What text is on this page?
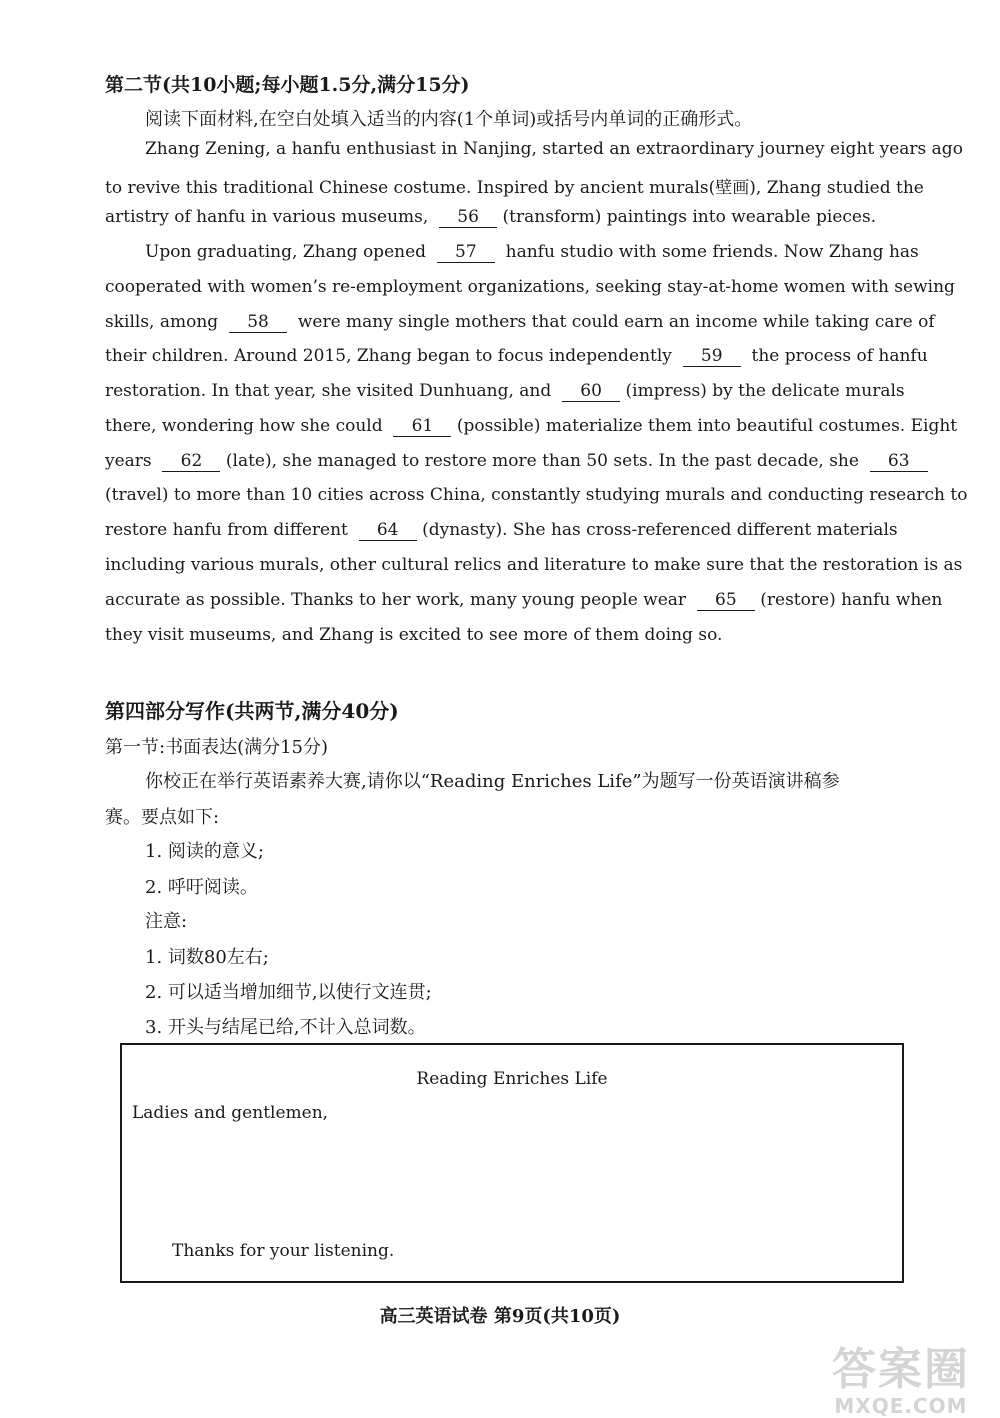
第二节(共10小题;每小题1.5分,满分15分)
阅读下面材料,在空白处填入适当的内容(1个单词)或括号内单词的正确形式。
Zhang Zening, a hanfu enthusiast in Nanjing, started an extraordinary journey eight years ago
to revive this traditional Chinese costume. Inspired by ancient murals(壁画), Zhang studied the
artistry of hanfu in various museums, 56 (transform) paintings into wearable pieces.
Upon graduating, Zhang opened 57 hanfu studio with some friends. Now Zhang has
cooperated with women’s re-employment organizations, seeking stay-at-home women with sewing
skills, among 58 were many single mothers that could earn an income while taking care of
their children. Around 2015, Zhang began to focus independently 59 the process of hanfu
restoration. In that year, she visited Dunhuang, and 60 (impress) by the delicate murals
there, wondering how she could 61 (possible) materialize them into beautiful costumes. Eight
years 62 (late), she managed to restore more than 50 sets. In the past decade, she 63
(travel) to more than 10 cities across China, constantly studying murals and conducting research to
restore hanfu from different 64 (dynasty). She has cross-referenced different materials
including various murals, other cultural relics and literature to make sure that the restoration is as
accurate as possible. Thanks to her work, many young people wear 65 (restore) hanfu when
they visit museums, and Zhang is excited to see more of them doing so.
第四部分写作(共两节,满分40分)
第一节:书面表达(满分15分)
你校正在举行英语素养大赛,请你以“Reading Enriches Life”为题写一份英语演讲稿参
赛。要点如下:
1. 阅读的意义;
2. 呼吁阅读。
注意:
1. 词数80左右;
2. 可以适当增加细节,以使行文连贯;
3. 开头与结尾已给,不计入总词数。
Reading Enriches Life
Ladies and gentlemen,
Thanks for your listening.
高三英语试卷 第9页(共10页)
答案圈
MXQE.COM
